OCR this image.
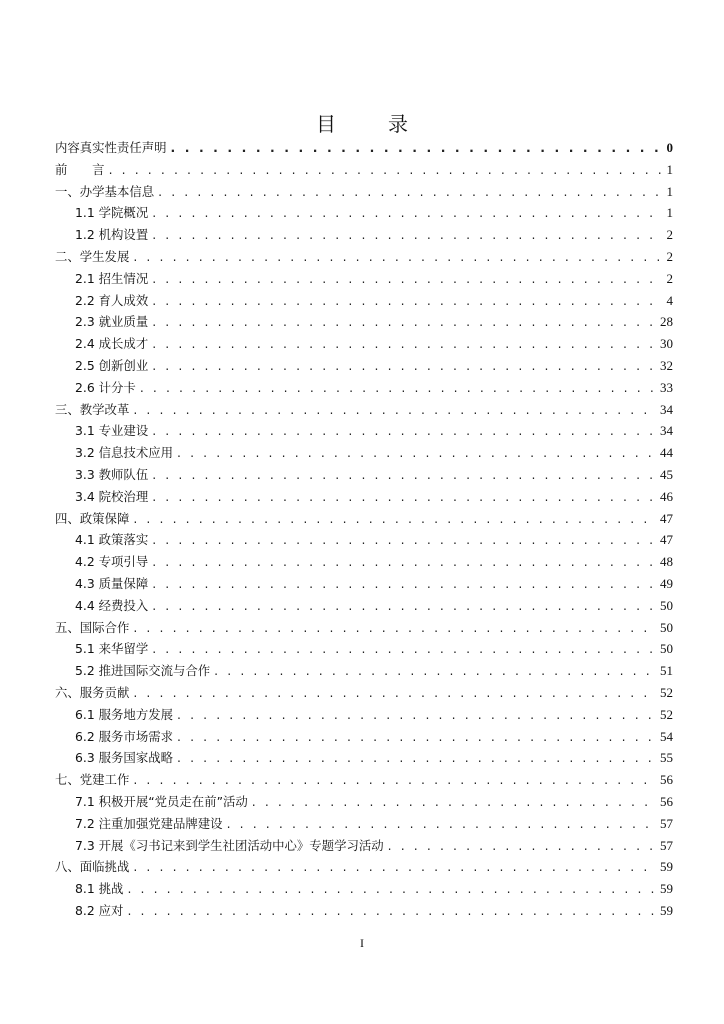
目　录
内容真实性责任声明 . . .	0
前　　言 . . .	1
一、办学基本信息 . . .	1
1.1 学院概况 . . .	1
1.2 机构设置 . . .	2
二、学生发展 . . .	2
2.1 招生情况 . . .	2
2.2 育人成效 . . .	4
2.3 就业质量 . . .	28
2.4 成长成才 . . .	30
2.5 创新创业 . . .	32
2.6 计分卡 . . .	33
三、教学改革 . . .	34
3.1 专业建设 . . .	34
3.2 信息技术应用 . . .	44
3.3 教师队伍 . . .	45
3.4 院校治理 . . .	46
四、政策保障 . . .	47
4.1 政策落实 . . .	47
4.2 专项引导 . . .	48
4.3 质量保障 . . .	49
4.4 经费投入 . . .	50
五、国际合作 . . .	50
5.1 来华留学 . . .	50
5.2 推进国际交流与合作 . . .	51
六、服务贡献 . . .	52
6.1 服务地方发展 . . .	52
6.2 服务市场需求 . . .	54
6.3 服务国家战略 . . .	55
七、党建工作 . . .	56
7.1 积极开展“党员走在前”活动 . . .	56
7.2 注重加强党建品牌建设 . . .	57
7.3 开展《习书记来到学生社团活动中心》专题学习活动 . . .	57
八、面临挑战 . . .	59
8.1 挑战 . . .	59
8.2 应对 . . .	59
I
